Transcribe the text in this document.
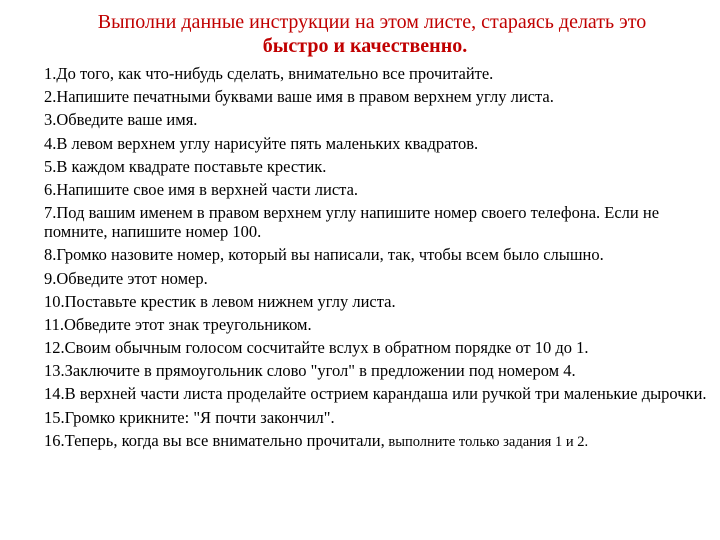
Выполни данные инструкции на этом листе, стараясь делать это
быстро и качественно.
1.До того, как что-нибудь сделать, внимательно все прочитайте.
2.Напишите печатными буквами ваше имя в правом верхнем углу листа.
3.Обведите ваше имя.
4.В левом верхнем углу нарисуйте пять маленьких квадратов.
5.В каждом квадрате поставьте крестик.
6.Напишите свое имя в верхней части листа.
7.Под вашим именем в правом верхнем углу напишите номер своего телефона. Если не помните, напишите номер 100.
8.Громко назовите номер, который вы написали, так, чтобы всем было слышно.
9.Обведите этот номер.
10.Поставьте крестик в левом нижнем углу листа.
11.Обведите этот знак треугольником.
12.Своим обычным голосом сосчитайте вслух в обратном порядке от 10 до 1.
13.Заключите в прямоугольник слово "угол" в предложении под номером 4.
14.В верхней части листа проделайте острием карандаша или ручкой три маленькие дырочки.
15.Громко крикните: "Я почти закончил".
16.Теперь, когда вы все внимательно прочитали, выполните только задания 1 и 2.
